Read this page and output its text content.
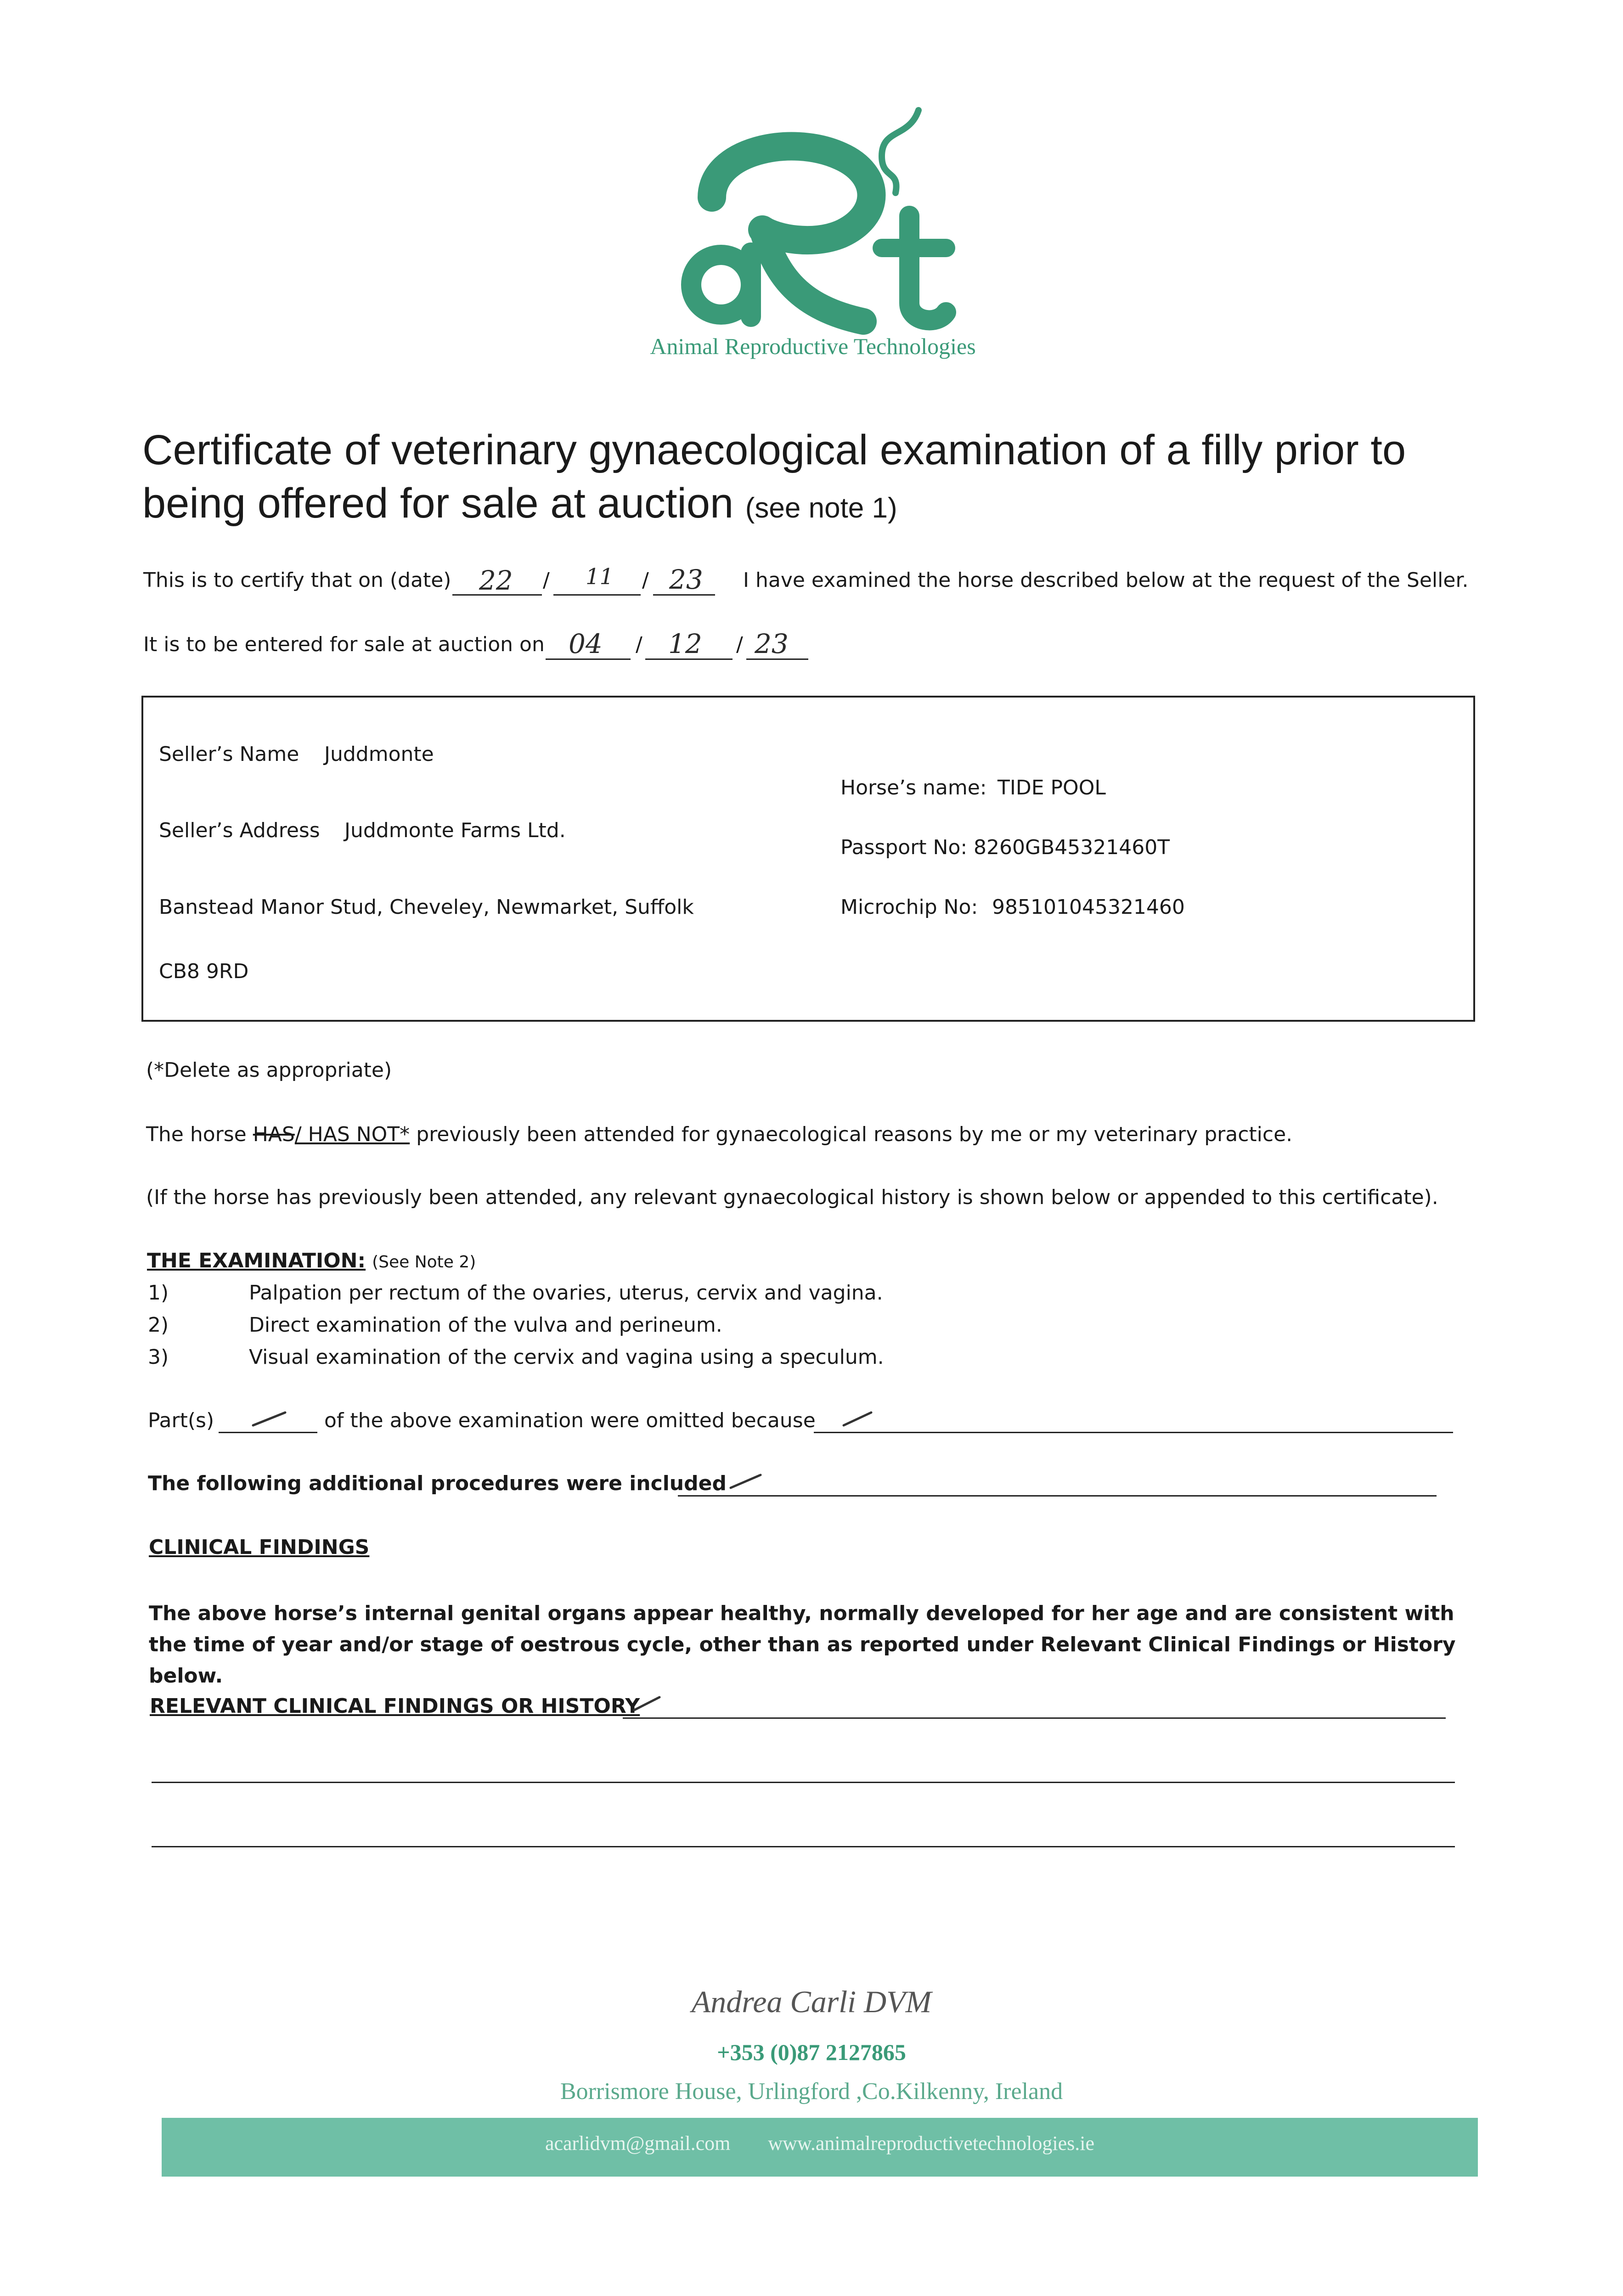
Animal Reproductive Technologies
Certificate of veterinary gynaecological examination of a filly prior to being offered for sale at auction (see note 1)
This is to certify that on (date) 22 / 11 / 23 I have examined the horse described below at the request of the Seller.
It is to be entered for sale at auction on 04 / 12 / 23
Seller’s Name Juddmonte
Seller’s Address Juddmonte Farms Ltd.
Banstead Manor Stud, Cheveley, Newmarket, Suffolk
CB8 9RD
Horse’s name: TIDE POOL
Passport No: 8260GB45321460T
Microchip No: 985101045321460
(*Delete as appropriate)
The horse HAS/ HAS NOT* previously been attended for gynaecological reasons by me or my veterinary practice.
(If the horse has previously been attended, any relevant gynaecological history is shown below or appended to this certificate).
THE EXAMINATION: (See Note 2)
1)	Palpation per rectum of the ovaries, uterus, cervix and vagina.
2)	Direct examination of the vulva and perineum.
3)	Visual examination of the cervix and vagina using a speculum.
Part(s)	of the above examination were omitted because
The following additional procedures were included
CLINICAL FINDINGS
The above horse’s internal genital organs appear healthy, normally developed for her age and are consistent with the time of year and/or stage of oestrous cycle, other than as reported under Relevant Clinical Findings or History below.
RELEVANT CLINICAL FINDINGS OR HISTORY
Andrea Carli DVM
+353 (0)87 2127865
Borrismore House, Urlingford ,Co.Kilkenny, Ireland
acarlidvm@gmail.com www.animalreproductivetechnologies.ie
